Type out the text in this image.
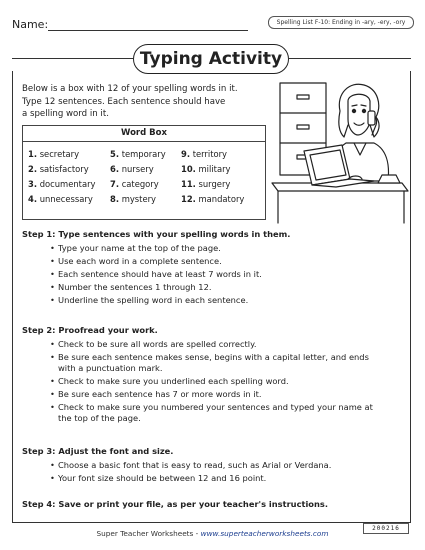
Name:	Spelling List F-10: Ending in -ary, -ery, -ory
Typing Activity

Below is a box with 12 of your spelling words in it.

Type 12 sentences. Each sentence should have

a spelling word in it.

Word Box
1. secretary	5. temporary	9. territory
2. satisfactory	6. nursery	10. military
3. documentary	7. category	11. surgery
4. unnecessary	8. mystery	12. mandatory
Step 1: Type sentences with your spelling words in them.
• Type your name at the top of the page.
• Use each word in a complete sentence.
• Each sentence should have at least 7 words in it.
• Number the sentences 1 through 12.
• Underline the spelling word in each sentence.
Step 2: Proofread your work.
• Check to be sure all words are spelled correctly.
• Be sure each sentence makes sense, begins with a capital letter, and ends with a punctuation mark.
• Check to make sure you underlined each spelling word.
• Be sure each sentence has 7 or more words in it.
• Check to make sure you numbered your sentences and typed your name at the top of the page.
Step 3: Adjust the font and size.
• Choose a basic font that is easy to read, such as Arial or Verdana.
• Your font size should be between 12 and 16 point.
Step 4: Save or print your file, as per your teacher's instructions.
200216
Super Teacher Worksheets - www.superteacherworksheets.com
